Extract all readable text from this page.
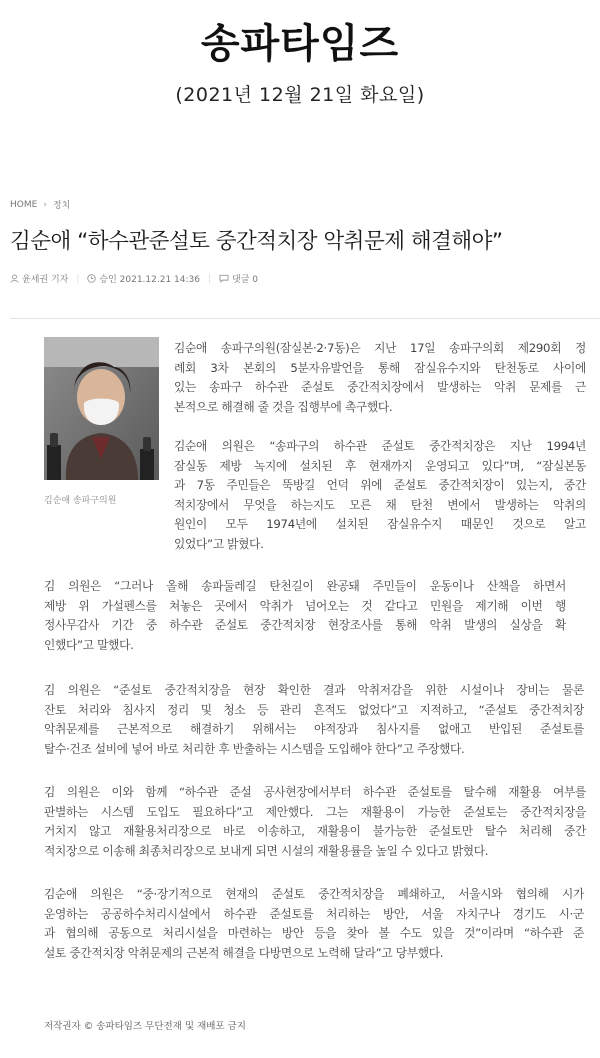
송파타임즈
(2021년 12월 21일 화요일)
HOME › 정치
김순애 “하수관준설토 중간적치장 악취문제 해결해야”
윤세권 기자 | 승인 2021.12.21 14:36 | 댓글 0
김순애 송파구의원
김순애 송파구의원(잠실본·2·7동)은 지난 17일 송파구의회 제290회 정
례회 3차 본회의 5분자유발언을 통해 잠실유수지와 탄천동로 사이에
있는 송파구 하수관 준설토 중간적치장에서 발생하는 악취 문제를 근
본적으로 해결해 줄 것을 집행부에 촉구했다.
김순애 의원은 “송파구의 하수관 준설토 중간적치장은 지난 1994년
잠실동 제방 녹지에 설치된 후 현재까지 운영되고 있다”며, “잠실본동
과 7동 주민들은 뚝방길 언덕 위에 준설토 중간적치장이 있는지, 중간
적치장에서 무엇을 하는지도 모른 채 탄천 변에서 발생하는 악취의
원인이 모두 1974년에 설치된 잠실유수지 때문인 것으로 알고
있었다”고 밝혔다.
김 의원은 “그러나 올해 송파둘레길 탄천길이 완공돼 주민들이 운동이나 산책을 하면서
제방 위 가설펜스를 쳐놓은 곳에서 악취가 넘어오는 것 같다고 민원을 제기해 이번 행
정사무감사 기간 중 하수관 준설토 중간적치장 현장조사를 통해 악취 발생의 실상을 확
인했다”고 말했다.
김 의원은 “준설토 중간적치장을 현장 확인한 결과 악취저감을 위한 시설이나 장비는 물론
잔토 처리와 침사지 정리 및 청소 등 관리 흔적도 없었다”고 지적하고, “준설토 중간적치장
악취문제를 근본적으로 해결하기 위해서는 야적장과 침사지를 없애고 반입된 준설토를
탈수·건조 설비에 넣어 바로 처리한 후 반출하는 시스템을 도입해야 한다”고 주장했다.
김 의원은 이와 함께 “하수관 준설 공사현장에서부터 하수관 준설토를 탈수해 재활용 여부를
판별하는 시스템 도입도 필요하다”고 제안했다. 그는 재활용이 가능한 준설토는 중간적치장을
거치지 않고 재활용처리장으로 바로 이송하고, 재활용이 불가능한 준설토만 탈수 처리해 중간
적치장으로 이송해 최종처리장으로 보내게 되면 시설의 재활용률을 높일 수 있다고 밝혔다.
김순애 의원은 “중·장기적으로 현재의 준설토 중간적치장을 폐쇄하고, 서울시와 협의해 시가
운영하는 공공하수처리시설에서 하수관 준설토를 처리하는 방안, 서울 자치구나 경기도 시·군
과 협의해 공동으로 처리시설을 마련하는 방안 등을 찾아 볼 수도 있을 것”이라며 “하수관 준
설토 중간적치장 악취문제의 근본적 해결을 다방면으로 노력해 달라”고 당부했다.
저작권자 © 송파타임즈 무단전재 및 재배포 금지
